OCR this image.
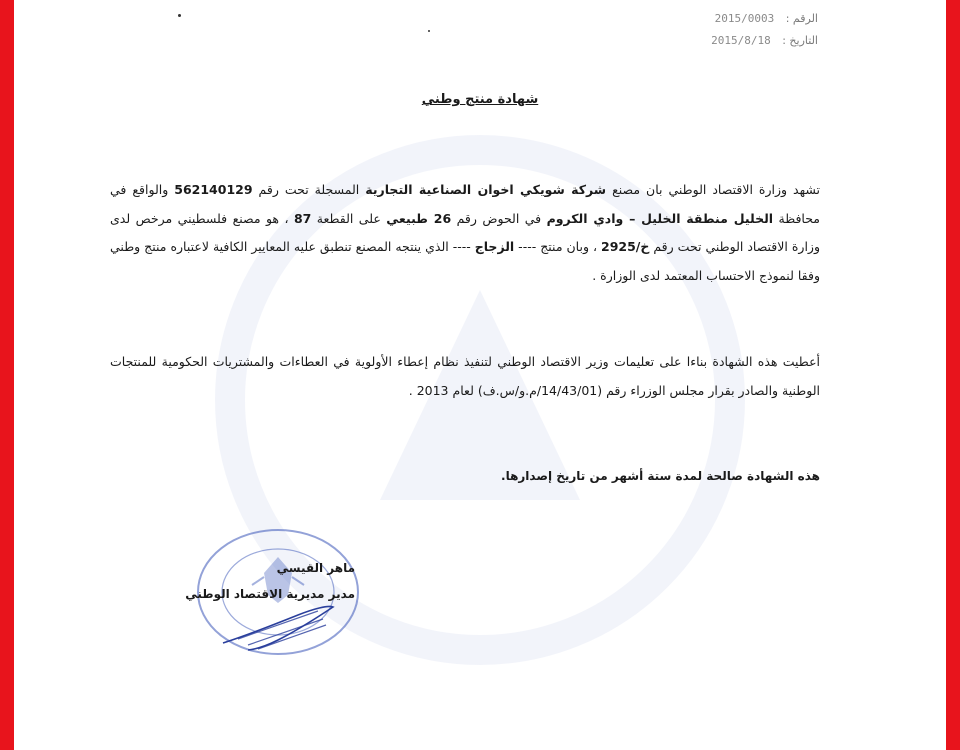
الرقم : 2015/0003
التاريخ : 2015/8/18
شهادة منتج وطني
تشهد وزارة الاقتصاد الوطني بان مصنع شركة شويكي اخوان الصناعية التجارية المسجلة تحت رقم 562140129 والواقع في محافظة الخليل منطقة الخليل – وادي الكروم في الحوض رقم 26 طبيعي على القطعة 87 ، هو مصنع فلسطيني مرخص لدى وزارة الاقتصاد الوطني تحت رقم خ/2925 ، وبان منتج ---- الزجاج ---- الذي ينتجه المصنع تنطبق عليه المعايير الكافية لاعتباره منتج وطني وفقا لنموذج الاحتساب المعتمد لدى الوزارة .
أعطيت هذه الشهادة بناءا على تعليمات وزير الاقتصاد الوطني لتنفيذ نظام إعطاء الأولوية في العطاءات والمشتريات الحكومية للمنتجات الوطنية والصادر بقرار مجلس الوزراء رقم (14/43/01/م.و/س.ف) لعام 2013 .
هذه الشهادة صالحة لمدة ستة أشهر من تاريخ إصدارها.
ماهر القيسي
مدير مديرية الاقتصاد الوطني
